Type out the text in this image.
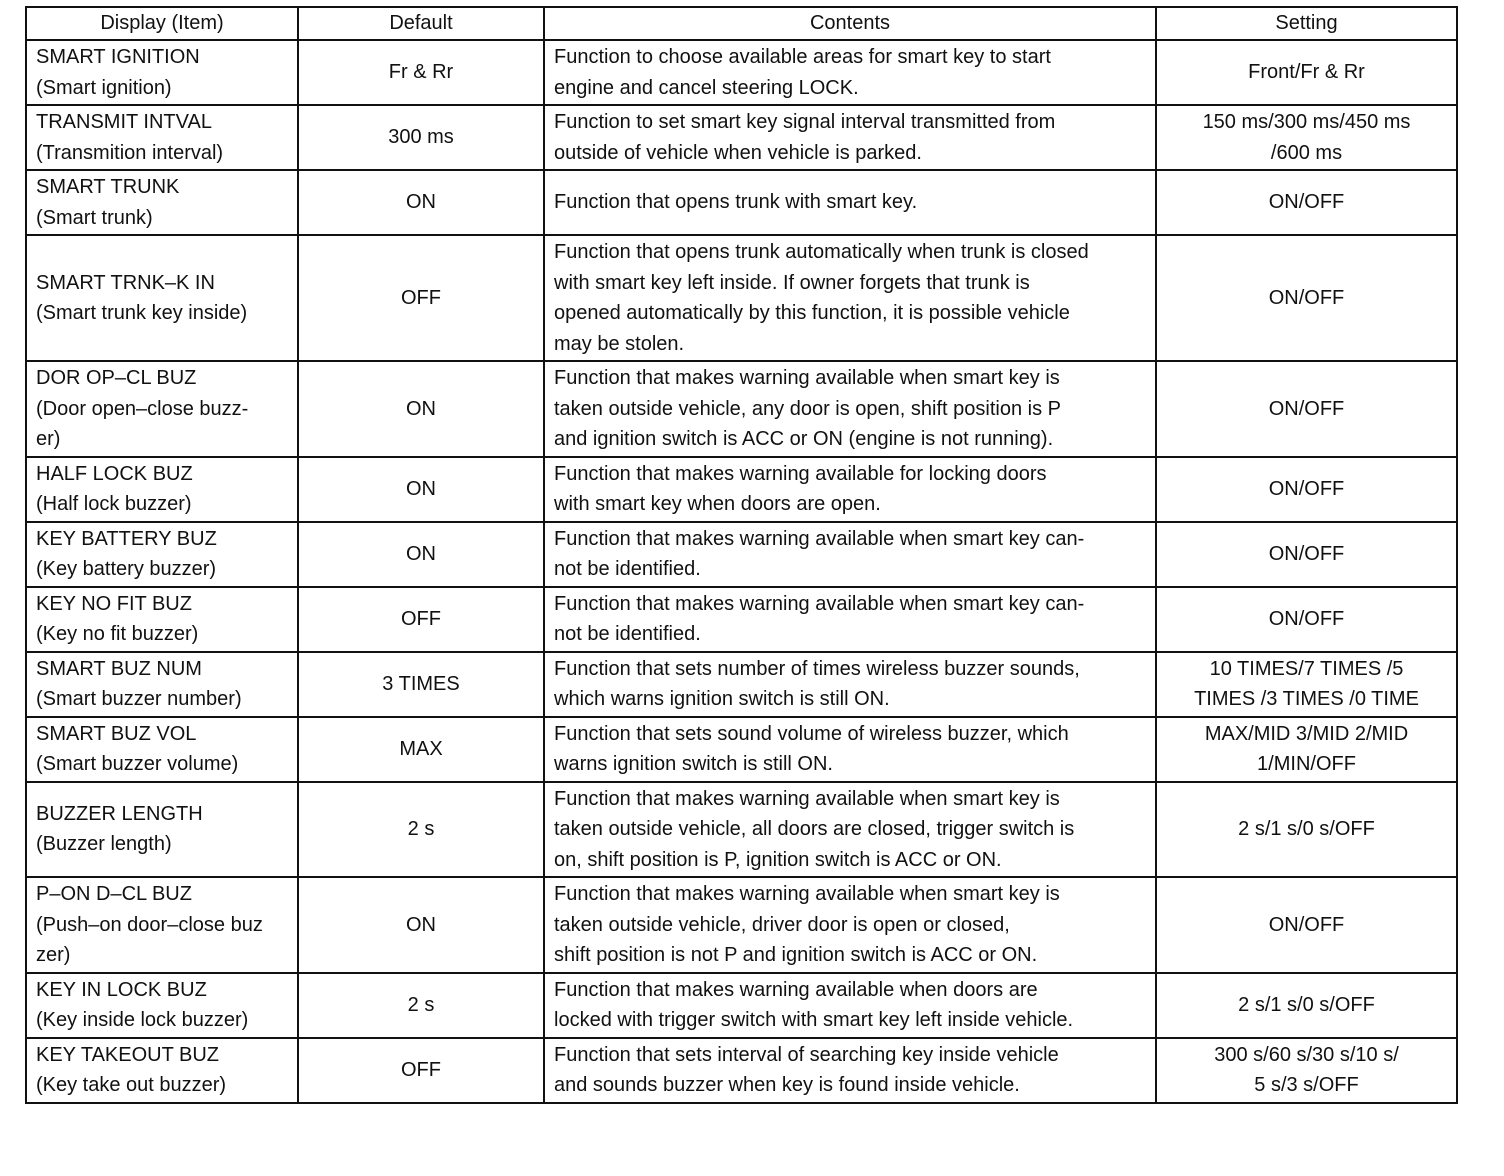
Display (Item)	Default	Contents	Setting

SMART IGNITION
(Smart ignition)	Fr & Rr	Function to choose available areas for smart key to start
engine and cancel steering LOCK.	Front/Fr & Rr

TRANSMIT INTVAL
(Transmition interval)	300 ms	Function to set smart key signal interval transmitted from
outside of vehicle when vehicle is parked.	150 ms/300 ms/450 ms
/600 ms

SMART TRUNK
(Smart trunk)	ON	Function that opens trunk with smart key.	ON/OFF

SMART TRNK–K IN
(Smart trunk key inside)	OFF	Function that opens trunk automatically when trunk is closed
with smart key left inside. If owner forgets that trunk is
opened automatically by this function, it is possible vehicle
may be stolen.	ON/OFF

DOR OP–CL BUZ
(Door open–close buzz-
er)	ON	Function that makes warning available when smart key is
taken outside vehicle, any door is open, shift position is P
and ignition switch is ACC or ON (engine is not running).	ON/OFF

HALF LOCK BUZ
(Half lock buzzer)	ON	Function that makes warning available for locking doors
with smart key when doors are open.	ON/OFF

KEY BATTERY BUZ
(Key battery buzzer)	ON	Function that makes warning available when smart key can-
not be identified.	ON/OFF

KEY NO FIT BUZ
(Key no fit buzzer)	OFF	Function that makes warning available when smart key can-
not be identified.	ON/OFF

SMART BUZ NUM
(Smart buzzer number)	3 TIMES	Function that sets number of times wireless buzzer sounds,
which warns ignition switch is still ON.	10 TIMES/7 TIMES /5
TIMES /3 TIMES /0 TIME

SMART BUZ VOL
(Smart buzzer volume)	MAX	Function that sets sound volume of wireless buzzer, which
warns ignition switch is still ON.	MAX/MID 3/MID 2/MID
1/MIN/OFF

BUZZER LENGTH
(Buzzer length)	2 s	Function that makes warning available when smart key is
taken outside vehicle, all doors are closed, trigger switch is
on, shift position is P, ignition switch is ACC or ON.	2 s/1 s/0 s/OFF

P–ON D–CL BUZ
(Push–on door–close buz
zer)	ON	Function that makes warning available when smart key is
taken outside vehicle, driver door is open or closed,
shift position is not P and ignition switch is ACC or ON.	ON/OFF

KEY IN LOCK BUZ
(Key inside lock buzzer)	2 s	Function that makes warning available when doors are
locked with trigger switch with smart key left inside vehicle.	2 s/1 s/0 s/OFF

KEY TAKEOUT BUZ
(Key take out buzzer)	OFF	Function that sets interval of searching key inside vehicle
and sounds buzzer when key is found inside vehicle.	300 s/60 s/30 s/10 s/
5 s/3 s/OFF
